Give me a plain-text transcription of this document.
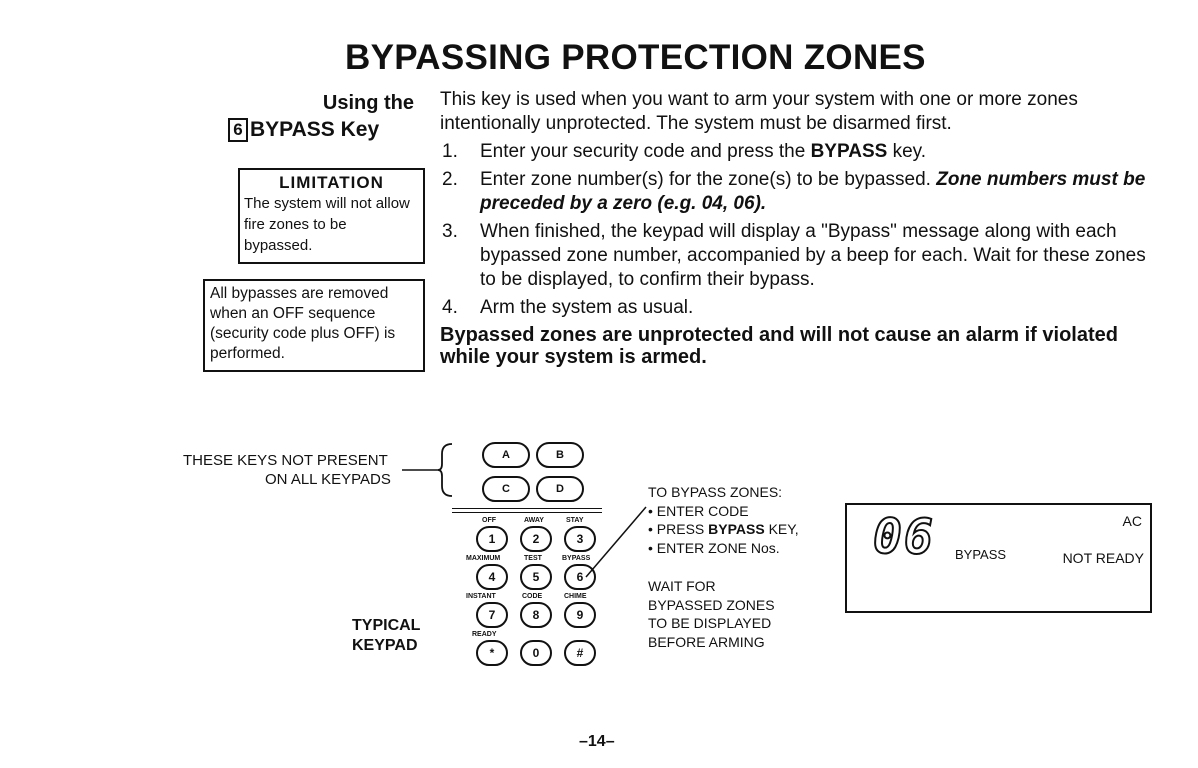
BYPASSING PROTECTION ZONES
Using the
6 BYPASS Key
LIMITATION
The system will not allow fire zones to be bypassed.
All bypasses are removed when an OFF sequence (security code plus OFF) is performed.

This key is used when you want to arm your system with one or more zones intentionally unprotected. The system must be disarmed first.

1. Enter your security code and press the BYPASS key.
2. Enter zone number(s) for the zone(s) to be bypassed. Zone numbers must be preceded by a zero (e.g. 04, 06).
3. When finished, the keypad will display a "Bypass" message along with each bypassed zone number, accompanied by a beep for each. Wait for these zones to be displayed, to confirm their bypass.
4. Arm the system as usual.
Bypassed zones are unprotected and will not cause an alarm if violated while your system is armed.
THESE KEYS NOT PRESENT
ON ALL KEYPADS
A	B
C	D
OFF	AWAY	STAY
1	2	3
MAXIMUM	TEST	BYPASS
4	5	6
INSTANT	CODE	CHIME
7	8	9
READY
*	0	#
TYPICAL
KEYPAD
TO BYPASS ZONES:
• ENTER CODE
• PRESS BYPASS KEY,
• ENTER ZONE Nos.
WAIT FOR
BYPASSED ZONES
TO BE DISPLAYED
BEFORE ARMING
06	AC
BYPASS	NOT READY
–14–
